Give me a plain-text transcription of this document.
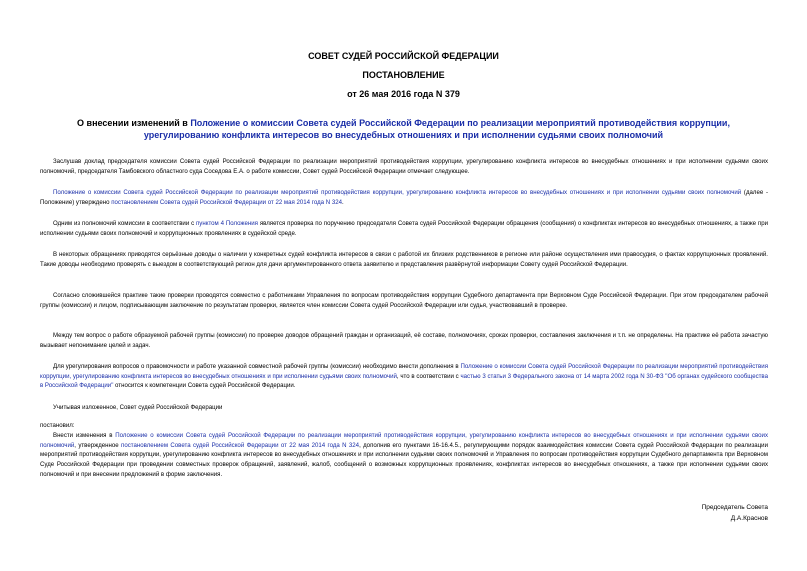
СОВЕТ СУДЕЙ РОССИЙСКОЙ ФЕДЕРАЦИИ
ПОСТАНОВЛЕНИЕ
от 26 мая 2016 года N 379
О внесении изменений в Положение о комиссии Совета судей Российской Федерации по реализации мероприятий противодействия коррупции, урегулированию конфликта интересов во внесудебных отношениях и при исполнении судьями своих полномочий

Заслушав доклад председателя комиссии Совета судей Российской Федерации по реализации мероприятий противодействия коррупции, урегулированию конфликта интересов во внесудебных отношениях и при исполнении судьями своих полномочий, председателя Тамбовского областного суда Соседова Е.А. о работе комиссии, Совет судей Российской Федерации отмечает следующее.

Положение о комиссии Совета судей Российской Федерации по реализации мероприятий противодействия коррупции, урегулированию конфликта интересов во внесудебных отношениях и при исполнении судьями своих полномочий (далее - Положение) утверждено постановлением Совета судей Российской Федерации от 22 мая 2014 года N 324.

Одним из полномочий комиссии в соответствии с пунктом 4 Положения является проверка по поручению председателя Совета судей Российской Федерации обращения (сообщения) о конфликтах интересов во внесудебных отношениях, а также при исполнении судьями своих полномочий и коррупционных проявлениях в судейской среде.

В некоторых обращениях приводятся серьёзные доводы о наличии у конкретных судей конфликта интересов в связи с работой их близких родственников в регионе или районе осуществления ими правосудия, о фактах коррупционных проявлений. Такие доводы необходимо проверять с выездом в соответствующий регион для дачи аргументированного ответа заявителю и представления развёрнутой информации Совету судей Российской Федерации.

Согласно сложившейся практике такие проверки проводятся совместно с работниками Управления по вопросам противодействия коррупции Судебного департамента при Верховном Суде Российской Федерации. При этом председателем рабочей группы (комиссии) и лицом, подписывающим заключение по результатам проверки, является член комиссии Совета судей Российской Федерации или судья, участвовавший в проверке.

Между тем вопрос о работе образуемой рабочей группы (комиссии) по проверке доводов обращений граждан и организаций, её составе, полномочиях, сроках проверки, составления заключения и т.п. не определены. На практике её работа зачастую вызывает непонимание целей и задач.

Для урегулирования вопросов о правомочности и работе указанной совместной рабочей группы (комиссии) необходимо внести дополнения в Положение о комиссии Совета судей Российской Федерации по реализации мероприятий противодействия коррупции, урегулированию конфликта интересов во внесудебных отношениях и при исполнении судьями своих полномочий, что в соответствии с частью 3 статьи 3 Федерального закона от 14 марта 2002 года N 30-ФЗ "Об органах судейского сообщества в Российской Федерации" относится к компетенции Совета судей Российской Федерации.

Учитывая изложенное, Совет судей Российской Федерации

постановил:

Внести изменения в Положение о комиссии Совета судей Российской Федерации по реализации мероприятий противодействия коррупции, урегулированию конфликта интересов во внесудебных отношениях и при исполнении судьями своих полномочий, утвержденное постановлением Совета судей Российской Федерации от 22 мая 2014 года N 324, дополнив его пунктами 16-16.4.5., регулирующими порядок взаимодействия комиссии Совета судей Российской Федерации по реализации мероприятий противодействия коррупции, урегулированию конфликта интересов во внесудебных отношениях и при исполнении судьями своих полномочий и Управления по вопросам противодействия коррупции Судебного департамента при Верховном Суде Российской Федерации при проведении совместных проверок обращений, заявлений, жалоб, сообщений о возможных коррупционных проявлениях, конфликтах интересов во внесудебных отношениях, а также при исполнении судьями своих полномочий и при внесении предложений в форме заключения.

Председатель Совета
Д.А.Краснов
